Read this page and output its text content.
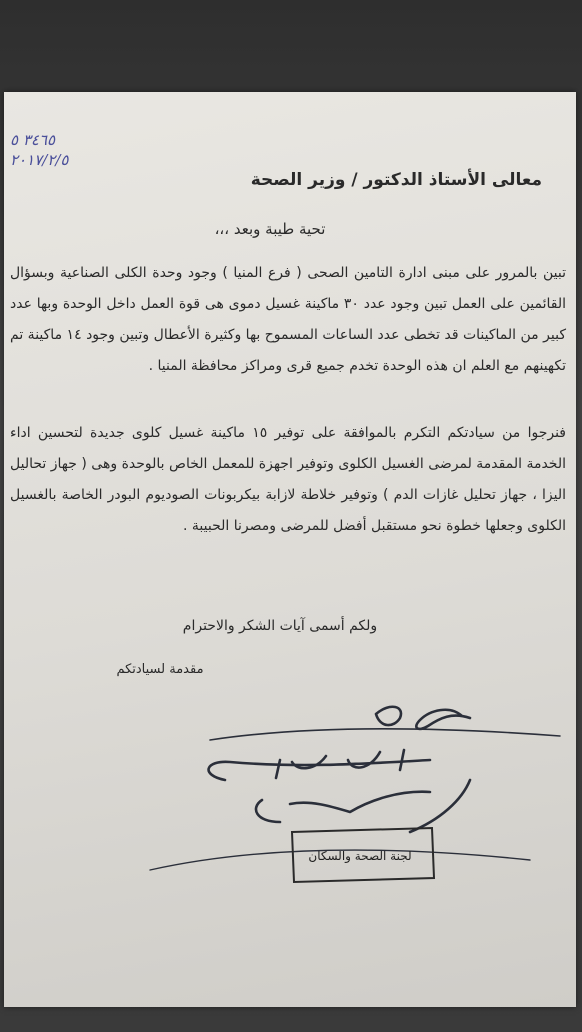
٣٤٦٥ ٥
٢٠١٧/٢/٥
معالى الأستاذ الدكتور / وزير الصحة
تحية طيبة وبعد ،،،
تبين بالمرور على مبنى ادارة التامين الصحى ( فرع المنيا ) وجود وحدة الكلى الصناعية وبسؤال القائمين على العمل تبين وجود عدد ٣٠ ماكينة غسيل دموى هى قوة العمل داخل الوحدة وبها عدد كبير من الماكينات قد تخطى عدد الساعات المسموح بها وكثيرة الأعطال وتبين وجود ١٤ ماكينة تم تكهينهم مع العلم ان هذه الوحدة تخدم جميع قرى ومراكز محافظة المنيا .
فنرجوا من سيادتكم التكرم بالموافقة على توفير ١٥ ماكينة غسيل كلوى جديدة لتحسين اداء الخدمة المقدمة لمرضى الغسيل الكلوى وتوفير اجهزة للمعمل الخاص بالوحدة وهى ( جهاز تحاليل اليزا ، جهاز تحليل غازات الدم ) وتوفير خلاطة لازابة بيكربونات الصوديوم البودر الخاصة بالغسيل الكلوى وجعلها خطوة نحو مستقبل أفضل للمرضى ومصرنا الحبيبة .
ولكم أسمى آيات الشكر والاحترام
مقدمة لسيادتكم
لجنة الصحة والسكان
